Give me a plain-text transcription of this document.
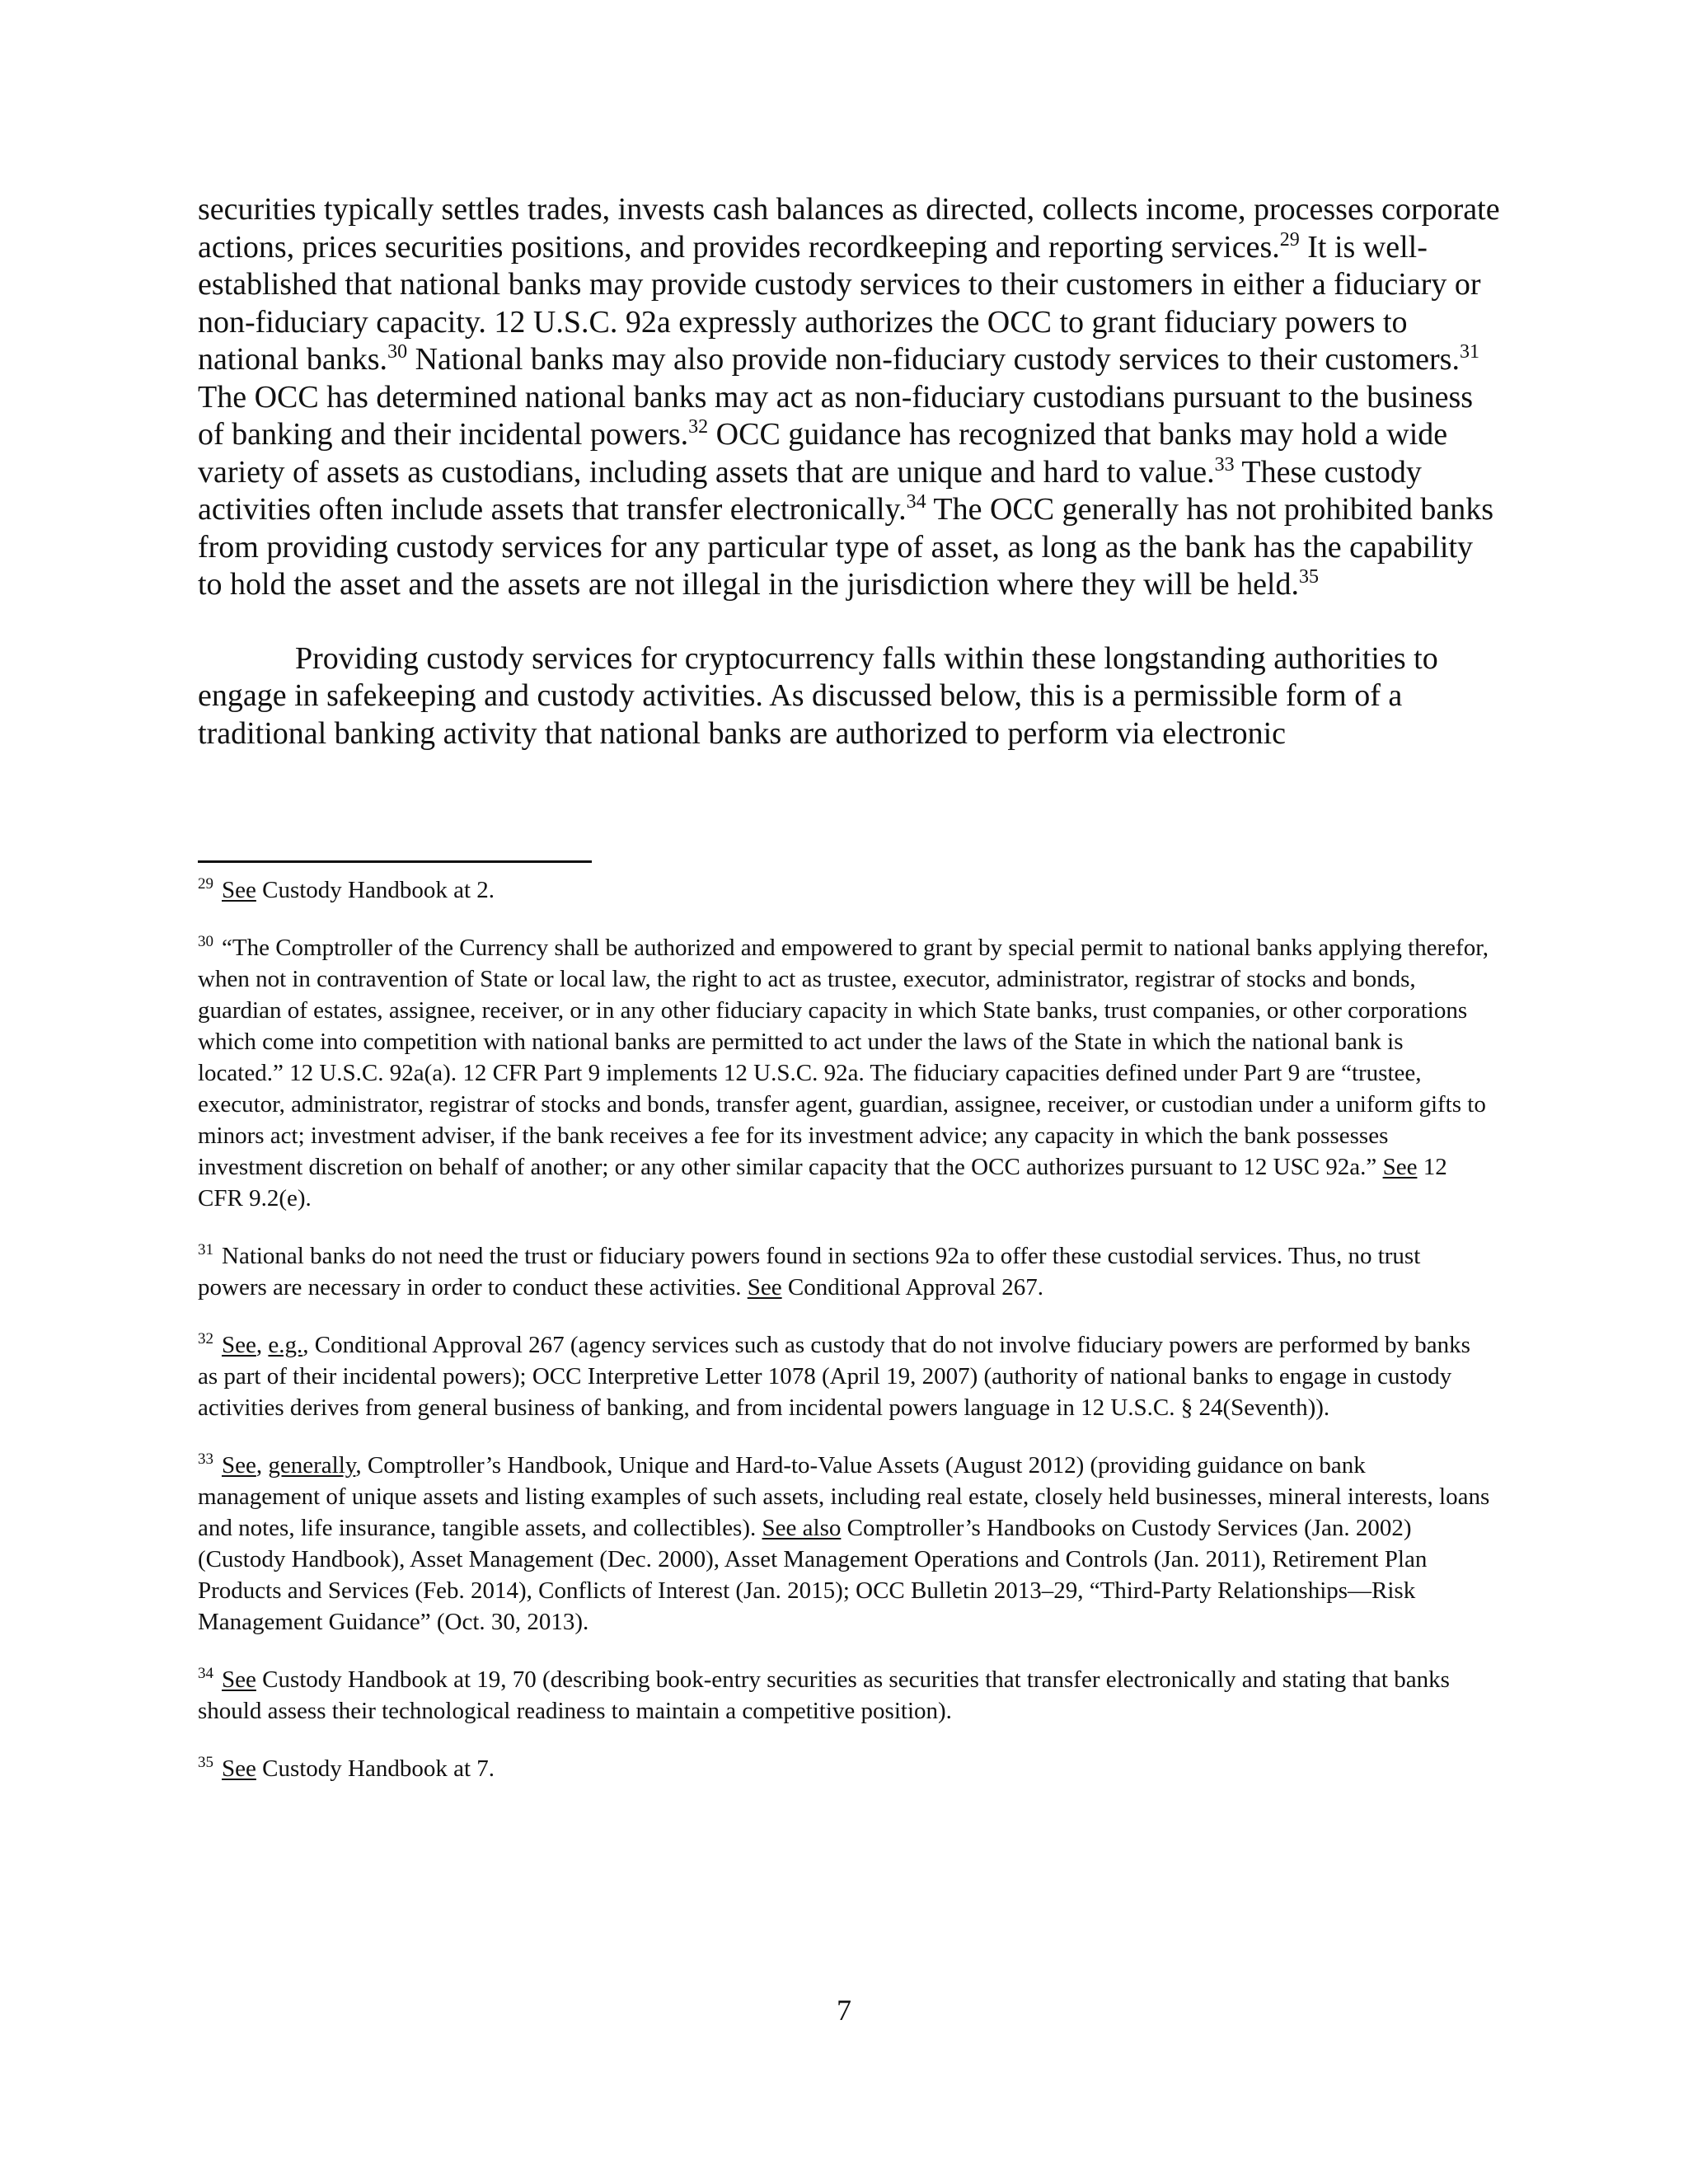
securities typically settles trades, invests cash balances as directed, collects income, processes corporate actions, prices securities positions, and provides recordkeeping and reporting services.$^{29}$ It is well-established that national banks may provide custody services to their customers in either a fiduciary or non-fiduciary capacity. 12 U.S.C. 92a expressly authorizes the OCC to grant fiduciary powers to national banks.$^{30}$ National banks may also provide non-fiduciary custody services to their customers.$^{31}$ The OCC has determined national banks may act as non-fiduciary custodians pursuant to the business of banking and their incidental powers.$^{32}$ OCC guidance has recognized that banks may hold a wide variety of assets as custodians, including assets that are unique and hard to value.$^{33}$ These custody activities often include assets that transfer electronically.$^{34}$ The OCC generally has not prohibited banks from providing custody services for any particular type of asset, as long as the bank has the capability to hold the asset and the assets are not illegal in the jurisdiction where they will be held.$^{35}$

Providing custody services for cryptocurrency falls within these longstanding authorities to engage in safekeeping and custody activities. As discussed below, this is a permissible form of a traditional banking activity that national banks are authorized to perform via electronic

$^{29}$ See Custody Handbook at 2.

$^{30}$ “The Comptroller of the Currency shall be authorized and empowered to grant by special permit to national banks applying therefor, when not in contravention of State or local law, the right to act as trustee, executor, administrator, registrar of stocks and bonds, guardian of estates, assignee, receiver, or in any other fiduciary capacity in which State banks, trust companies, or other corporations which come into competition with national banks are permitted to act under the laws of the State in which the national bank is located.” 12 U.S.C. 92a(a). 12 CFR Part 9 implements 12 U.S.C. 92a. The fiduciary capacities defined under Part 9 are “trustee, executor, administrator, registrar of stocks and bonds, transfer agent, guardian, assignee, receiver, or custodian under a uniform gifts to minors act; investment adviser, if the bank receives a fee for its investment advice; any capacity in which the bank possesses investment discretion on behalf of another; or any other similar capacity that the OCC authorizes pursuant to 12 USC 92a.” See 12 CFR 9.2(e).

$^{31}$ National banks do not need the trust or fiduciary powers found in sections 92a to offer these custodial services. Thus, no trust powers are necessary in order to conduct these activities. See Conditional Approval 267.

$^{32}$ See, e.g., Conditional Approval 267 (agency services such as custody that do not involve fiduciary powers are performed by banks as part of their incidental powers); OCC Interpretive Letter 1078 (April 19, 2007) (authority of national banks to engage in custody activities derives from general business of banking, and from incidental powers language in 12 U.S.C. § 24(Seventh)).

$^{33}$ See, generally, Comptroller’s Handbook, Unique and Hard-to-Value Assets (August 2012) (providing guidance on bank management of unique assets and listing examples of such assets, including real estate, closely held businesses, mineral interests, loans and notes, life insurance, tangible assets, and collectibles). See also Comptroller’s Handbooks on Custody Services (Jan. 2002) (Custody Handbook), Asset Management (Dec. 2000), Asset Management Operations and Controls (Jan. 2011), Retirement Plan Products and Services (Feb. 2014), Conflicts of Interest (Jan. 2015); OCC Bulletin 2013–29, “Third-Party Relationships—Risk Management Guidance” (Oct. 30, 2013).

$^{34}$ See Custody Handbook at 19, 70 (describing book-entry securities as securities that transfer electronically and stating that banks should assess their technological readiness to maintain a competitive position).

$^{35}$ See Custody Handbook at 7.

7
